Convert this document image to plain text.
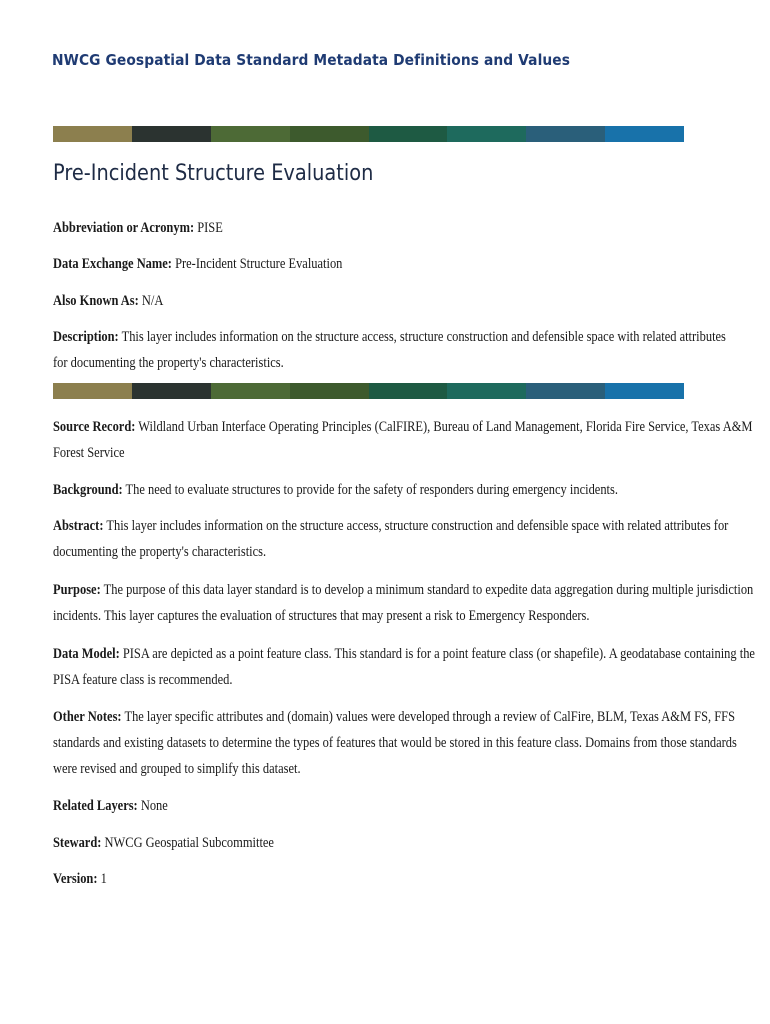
NWCG Geospatial Data Standard Metadata Definitions and Values
Pre-Incident Structure Evaluation
Abbreviation or Acronym: PISE
Data Exchange Name: Pre-Incident Structure Evaluation
Also Known As: N/A
Description: This layer includes information on the structure access, structure construction and defensible space with related attributes
for documenting the property's characteristics.
Source Record: Wildland Urban Interface Operating Principles (CalFIRE), Bureau of Land Management, Florida Fire Service, Texas A&M
Forest Service
Background: The need to evaluate structures to provide for the safety of responders during emergency incidents.
Abstract: This layer includes information on the structure access, structure construction and defensible space with related attributes for
documenting the property's characteristics.
Purpose: The purpose of this data layer standard is to develop a minimum standard to expedite data aggregation during multiple jurisdiction
incidents. This layer captures the evaluation of structures that may present a risk to Emergency Responders.
Data Model: PISA are depicted as a point feature class. This standard is for a point feature class (or shapefile). A geodatabase containing the
PISA feature class is recommended.
Other Notes: The layer specific attributes and (domain) values were developed through a review of CalFire, BLM, Texas A&M FS, FFS
standards and existing datasets to determine the types of features that would be stored in this feature class. Domains from those standards
were revised and grouped to simplify this dataset.
Related Layers: None
Steward: NWCG Geospatial Subcommittee
Version: 1
